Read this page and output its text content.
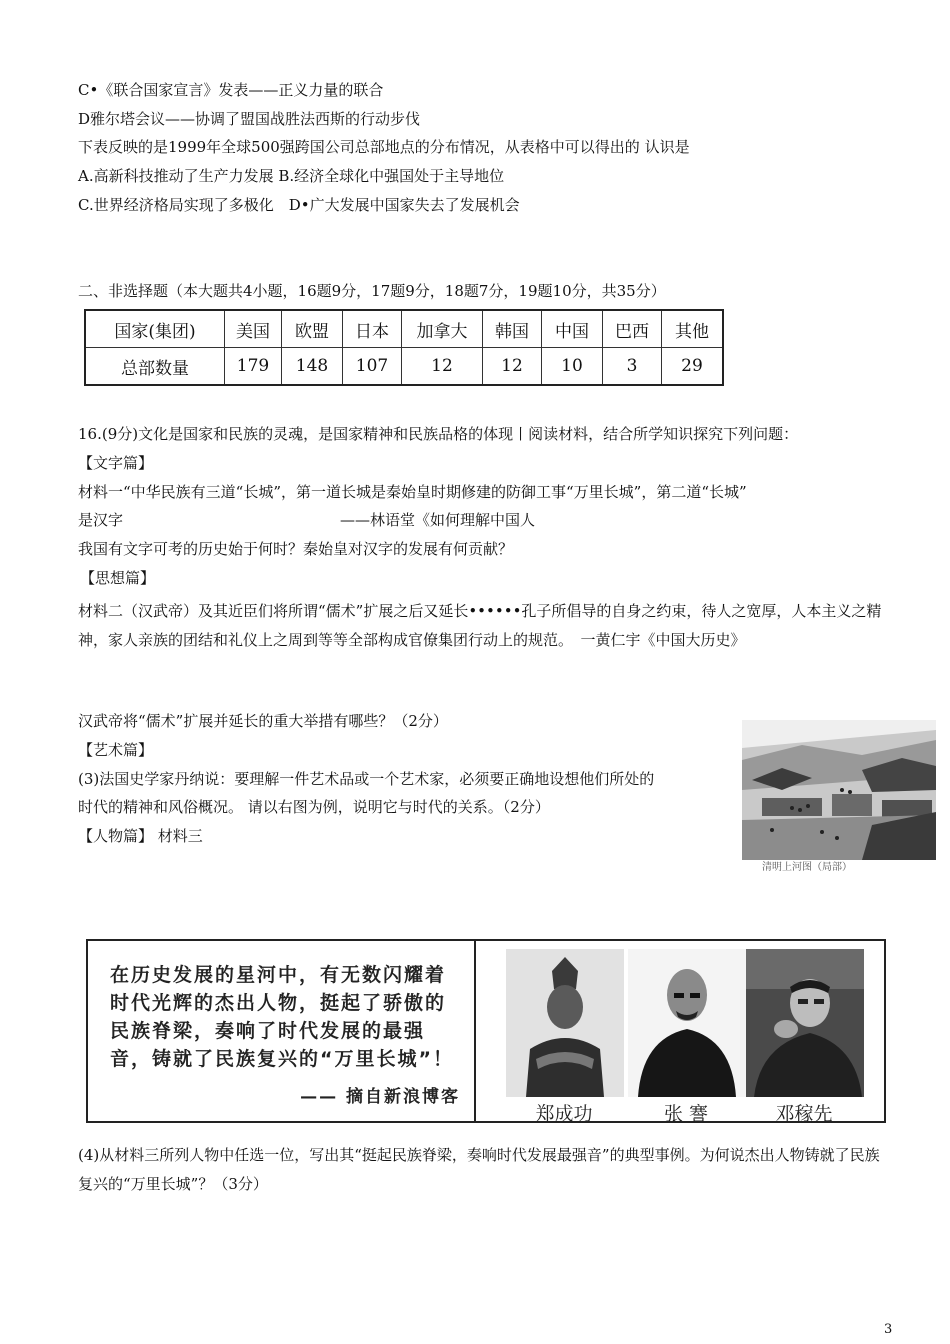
C•《联合国家宣言》发表——正义力量的联合
D雅尔塔会议——协调了盟国战胜法西斯的行动步伐
下表反映的是1999年全球500强跨国公司总部地点的分布情况，从表格中可以得出的 认识是
A.高新科技推动了生产力发展 B.经济全球化中强国处于主导地位
C.世界经济格局实现了多极化　D•广大发展中国家失去了发展机会
二、非选择题（本大题共4小题，16题9分，17题9分，18题7分，19题10分，共35分）
国家(集团)	美国	欧盟	日本	加拿大	韩国	中国	巴西	其他
总部数量	179	148	107	12	12	10	3	29
16.(9分)文化是国家和民族的灵魂，是国家精神和民族品格的体现丨阅读材料，结合所学知识探究下列问题：
【文字篇】
材料一“中华民族有三道“长城”，第一道长城是秦始皇时期修建的防御工事“万里长城”，第二道“长城”
是汉字	——林语堂《如何理解中国人
我国有文字可考的历史始于何时？秦始皇对汉字的发展有何贡献？
【思想篇】
材料二（汉武帝）及其近臣们将所谓“儒术”扩展之后又延长••••••孔子所倡导的自身之约束，待人之宽厚，人本主义之精神，家人亲族的团结和礼仪上之周到等等全部构成官僚集团行动上的规范。　一黄仁宇《中国大历史》
汉武帝将“儒术”扩展并延长的重大举措有哪些？（2分）
【艺术篇】
(3)法国史学家丹纳说：要理解一件艺术品或一个艺术家，必须要正确地设想他们所处的
时代的精神和风俗概况。 请以右图为例，说明它与时代的关系。（2分）
【人物篇】 材料三
清明上河图（局部）
在历史发展的星河中，有无数闪耀着时代光辉的杰出人物，挺起了骄傲的民族脊梁，奏响了时代发展的最强音，铸就了民族复兴的“万里长城”！
—— 摘自新浪博客
郑成功	张 謇	邓稼先
(4)从材料三所列人物中任选一位，写出其“挺起民族脊梁，奏响时代发展最强音”的典型事例。为何说杰出人物铸就了民族复兴的“万里长城”？（3分）
3
